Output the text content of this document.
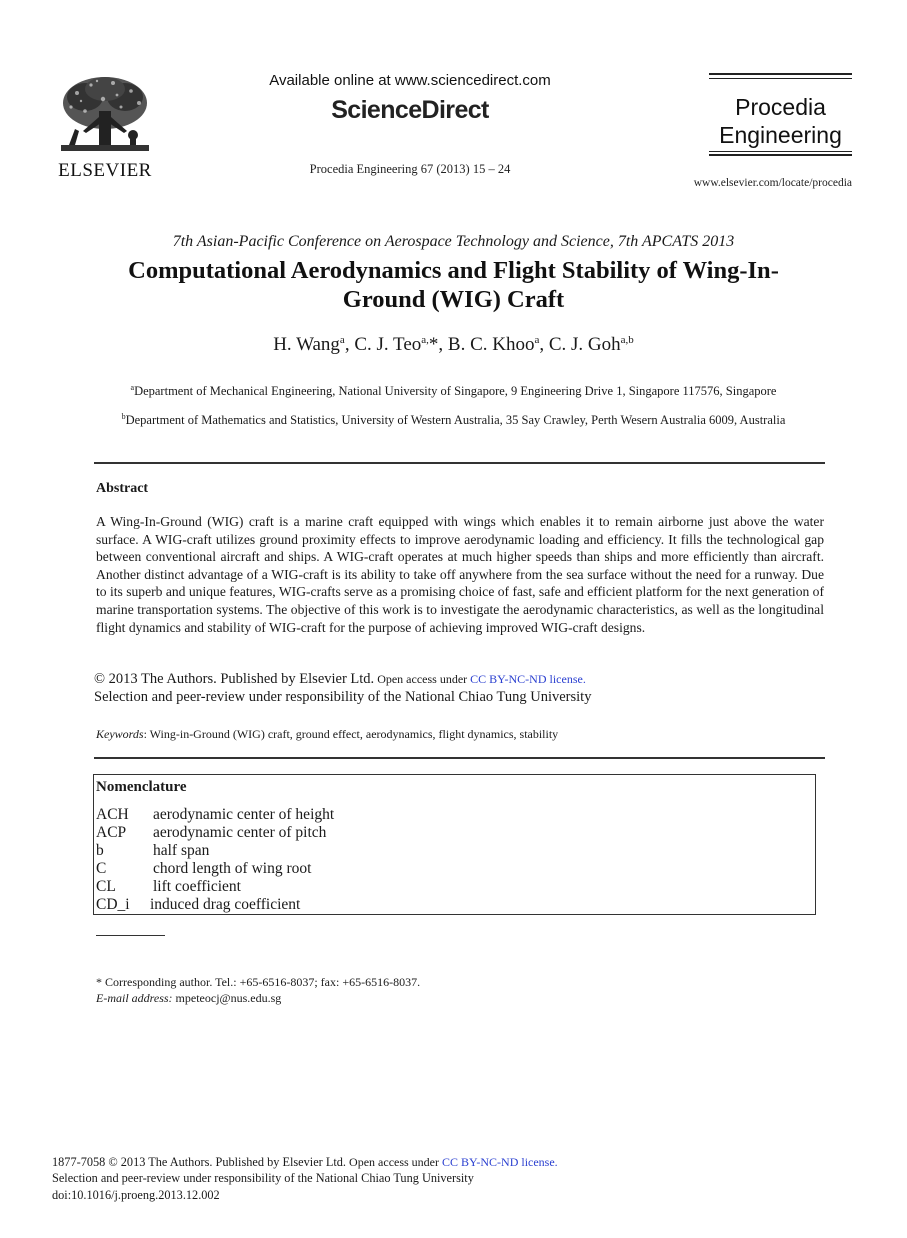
ELSEVIER
Available online at www.sciencedirect.com
ScienceDirect
Procedia Engineering 67 (2013) 15 – 24
Procedia
Engineering
www.elsevier.com/locate/procedia
7th Asian-Pacific Conference on Aerospace Technology and Science, 7th APCATS 2013
Computational Aerodynamics and Flight Stability of Wing-In-
Ground (WIG) Craft
H. Wang$^a$, C. J. Teo$^{a,}$*, B. C. Khoo$^a$, C. J. Goh$^{a,b}$
$^a$Department of Mechanical Engineering, National University of Singapore, 9 Engineering Drive 1, Singapore 117576, Singapore
$^b$Department of Mathematics and Statistics, University of Western Australia, 35 Say Crawley, Perth Wesern Australia 6009, Australia
Abstract
A Wing-In-Ground (WIG) craft is a marine craft equipped with wings which enables it to remain airborne just above the water surface. A WIG-craft utilizes ground proximity effects to improve aerodynamic loading and efficiency. It fills the technological gap between conventional aircraft and ships. A WIG-craft operates at much higher speeds than ships and more efficiently than aircraft. Another distinct advantage of a WIG-craft is its ability to take off anywhere from the sea surface without the need for a runway. Due to its superb and unique features, WIG-crafts serve as a promising choice of fast, safe and efficient platform for the next generation of marine transportation systems. The objective of this work is to investigate the aerodynamic characteristics, as well as the longitudinal flight dynamics and stability of WIG-craft for the purpose of achieving improved WIG-craft designs.
© 2013 The Authors. Published by Elsevier Ltd. Open access under CC BY-NC-ND license.
Selection and peer-review under responsibility of the National Chiao Tung University
Keywords: Wing-in-Ground (WIG) craft, ground effect, aerodynamics, flight dynamics, stability
Nomenclature
ACH aerodynamic center of height
ACP aerodynamic center of pitch
b	half span
C	chord length of wing root
CL lift coefficient
CD_i induced drag coefficient
* Corresponding author. Tel.: +65-6516-8037; fax: +65-6516-8037.
E-mail address: mpeteocj@nus.edu.sg
1877-7058 © 2013 The Authors. Published by Elsevier Ltd. Open access under CC BY-NC-ND license.
Selection and peer-review under responsibility of the National Chiao Tung University
doi:10.1016/j.proeng.2013.12.002
